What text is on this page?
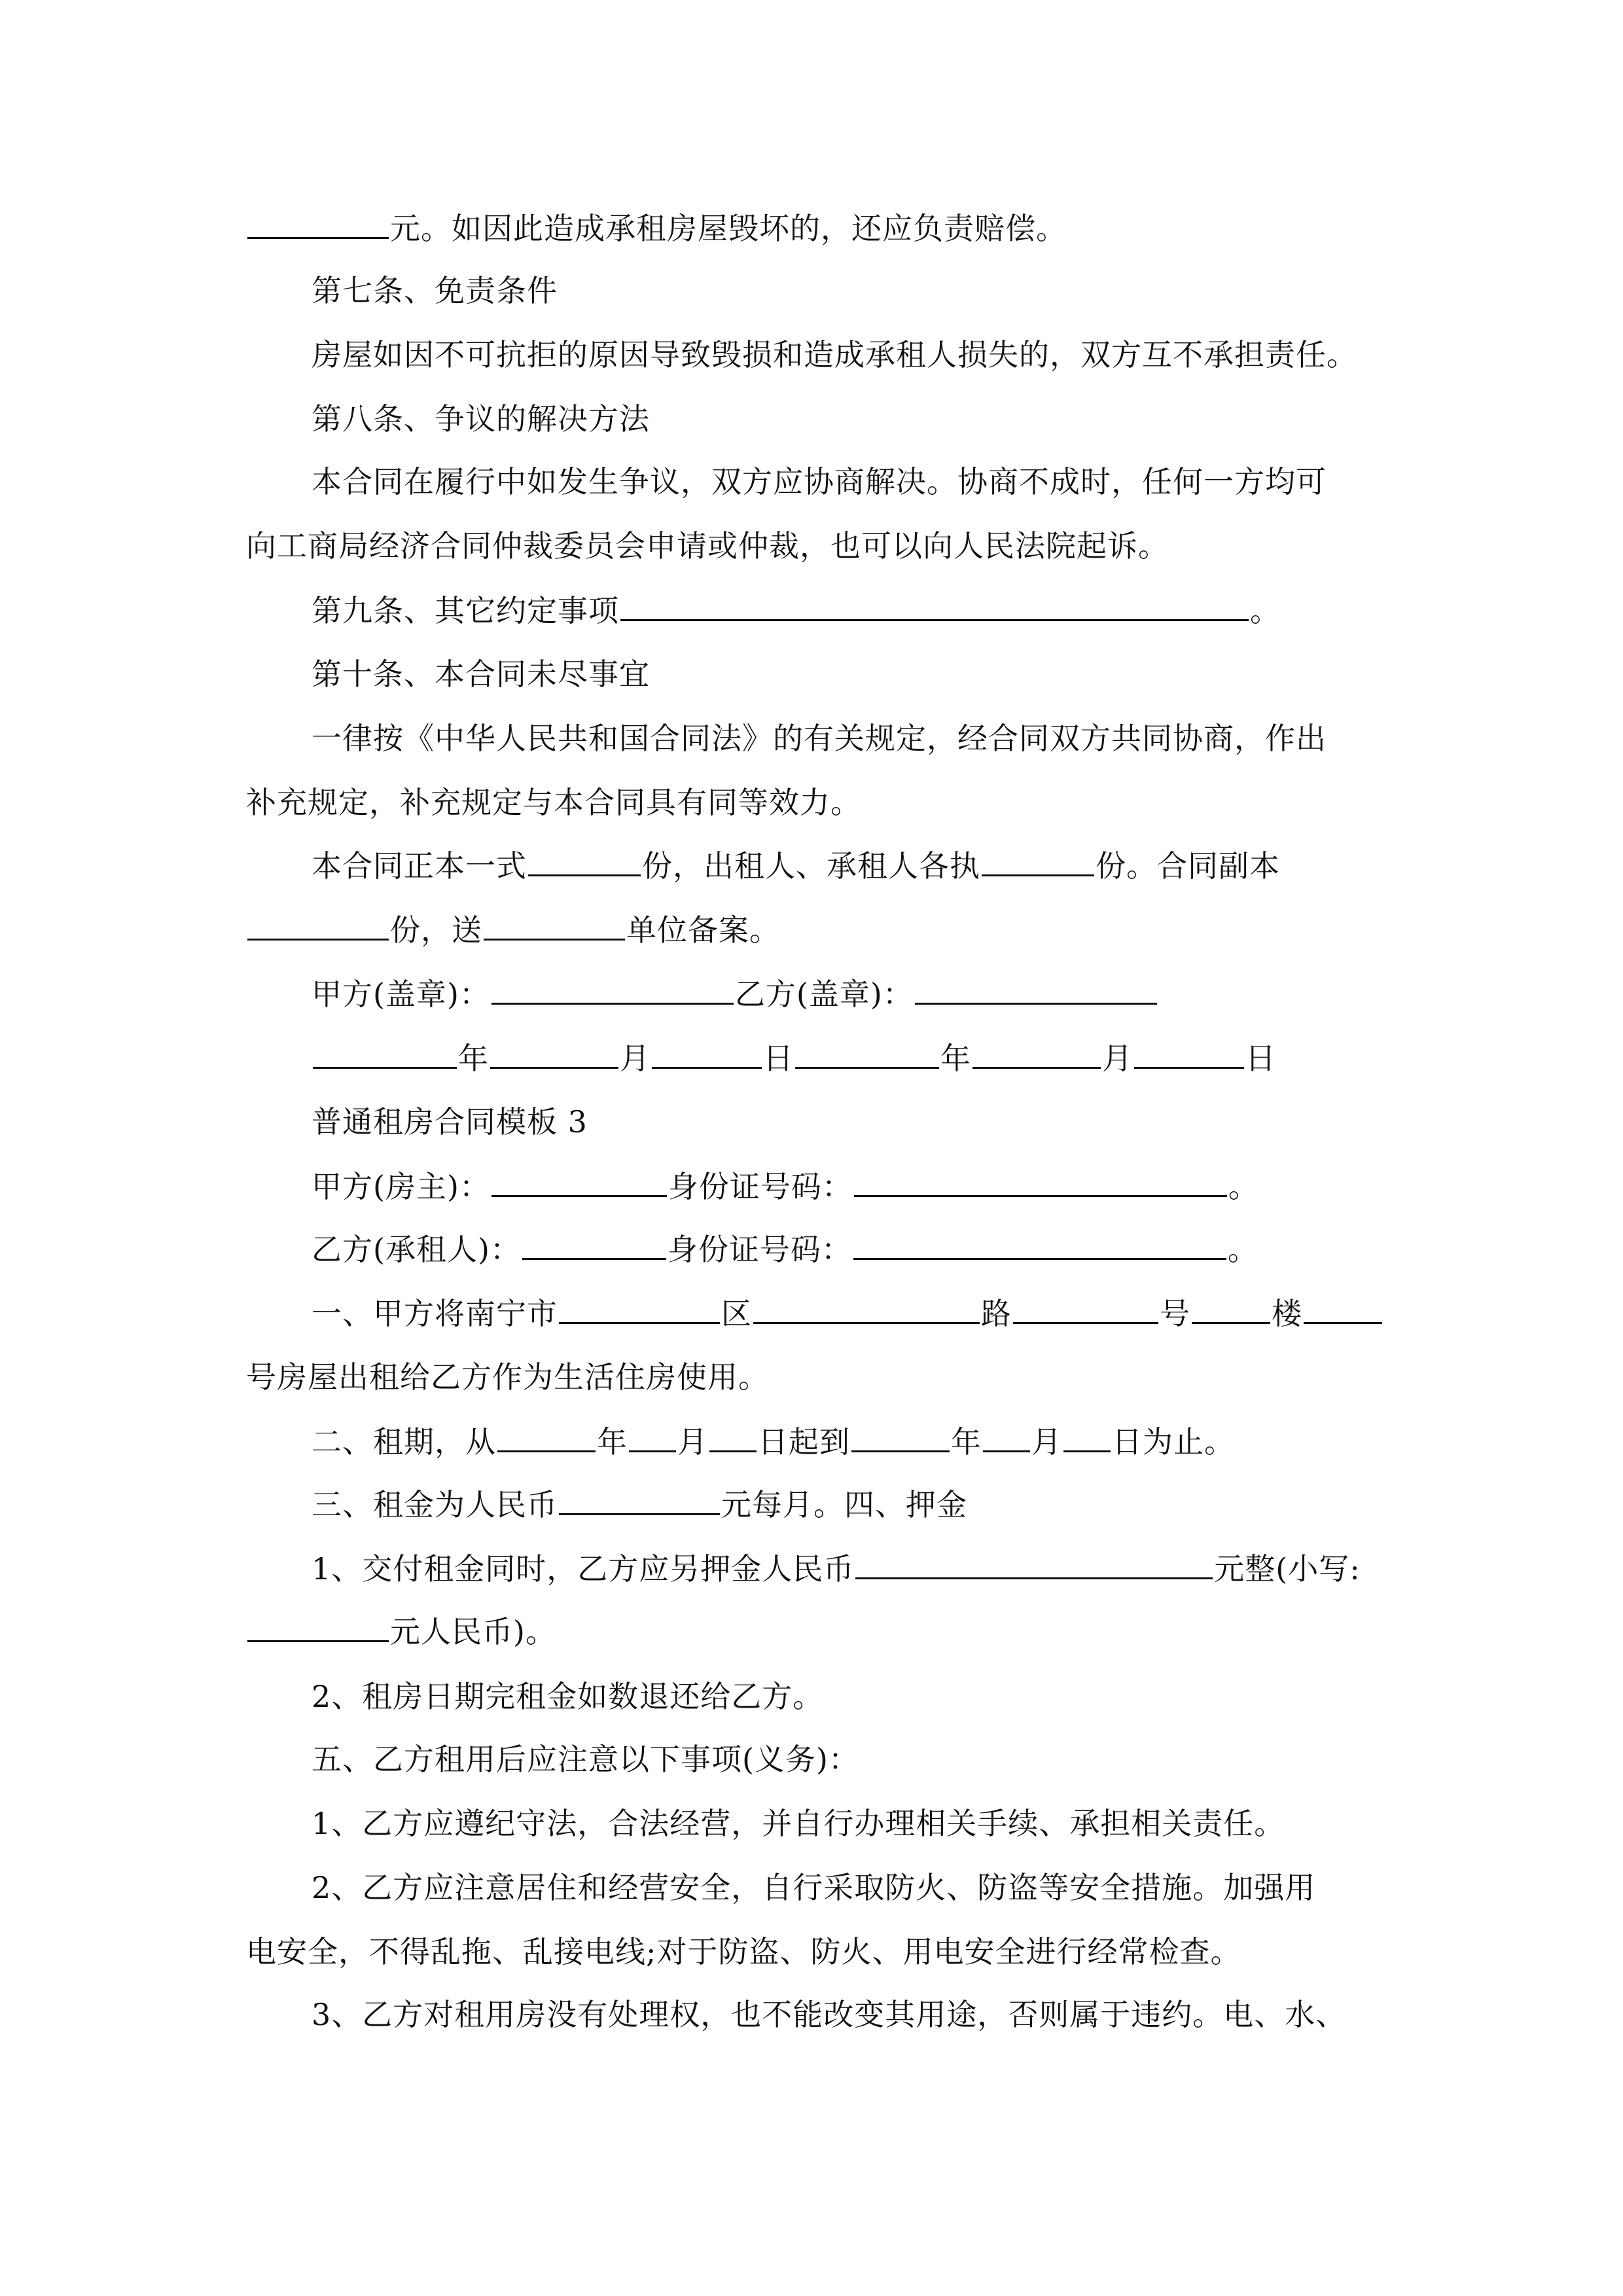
元。如因此造成承租房屋毁坏的，还应负责赔偿。
第七条、免责条件
房屋如因不可抗拒的原因导致毁损和造成承租人损失的，双方互不承担责任。
第八条、争议的解决方法
本合同在履行中如发生争议，双方应协商解决。协商不成时，任何一方均可
向工商局经济合同仲裁委员会申请或仲裁，也可以向人民法院起诉。
第九条、其它约定事项	。
第十条、本合同未尽事宜
一律按《中华人民共和国合同法》的有关规定，经合同双方共同协商，作出
补充规定，补充规定与本合同具有同等效力。
本合同正本一式	份，出租人、承租人各执	份。合同副本
份，送	单位备案。
甲方(盖章)：	乙方(盖章)：
年	月	日	年	月	日
普通租房合同模板 3
甲方(房主)：	身份证号码：	。
乙方(承租人)：	身份证号码：	。
一、甲方将南宁市	区	路	号	楼
号房屋出租给乙方作为生活住房使用。
二、租期，从	年 月 日起到	年 月 日为止。
三、租金为人民币	元每月。四、押金
1、交付租金同时，乙方应另押金人民币	元整(小写:
元人民币)。
2、租房日期完租金如数退还给乙方。
五、乙方租用后应注意以下事项(义务)：
1、乙方应遵纪守法，合法经营，并自行办理相关手续、承担相关责任。
2、乙方应注意居住和经营安全，自行采取防火、防盗等安全措施。加强用
电安全，不得乱拖、乱接电线;对于防盗、防火、用电安全进行经常检查。
3、乙方对租用房没有处理权，也不能改变其用途，否则属于违约。电、水、
